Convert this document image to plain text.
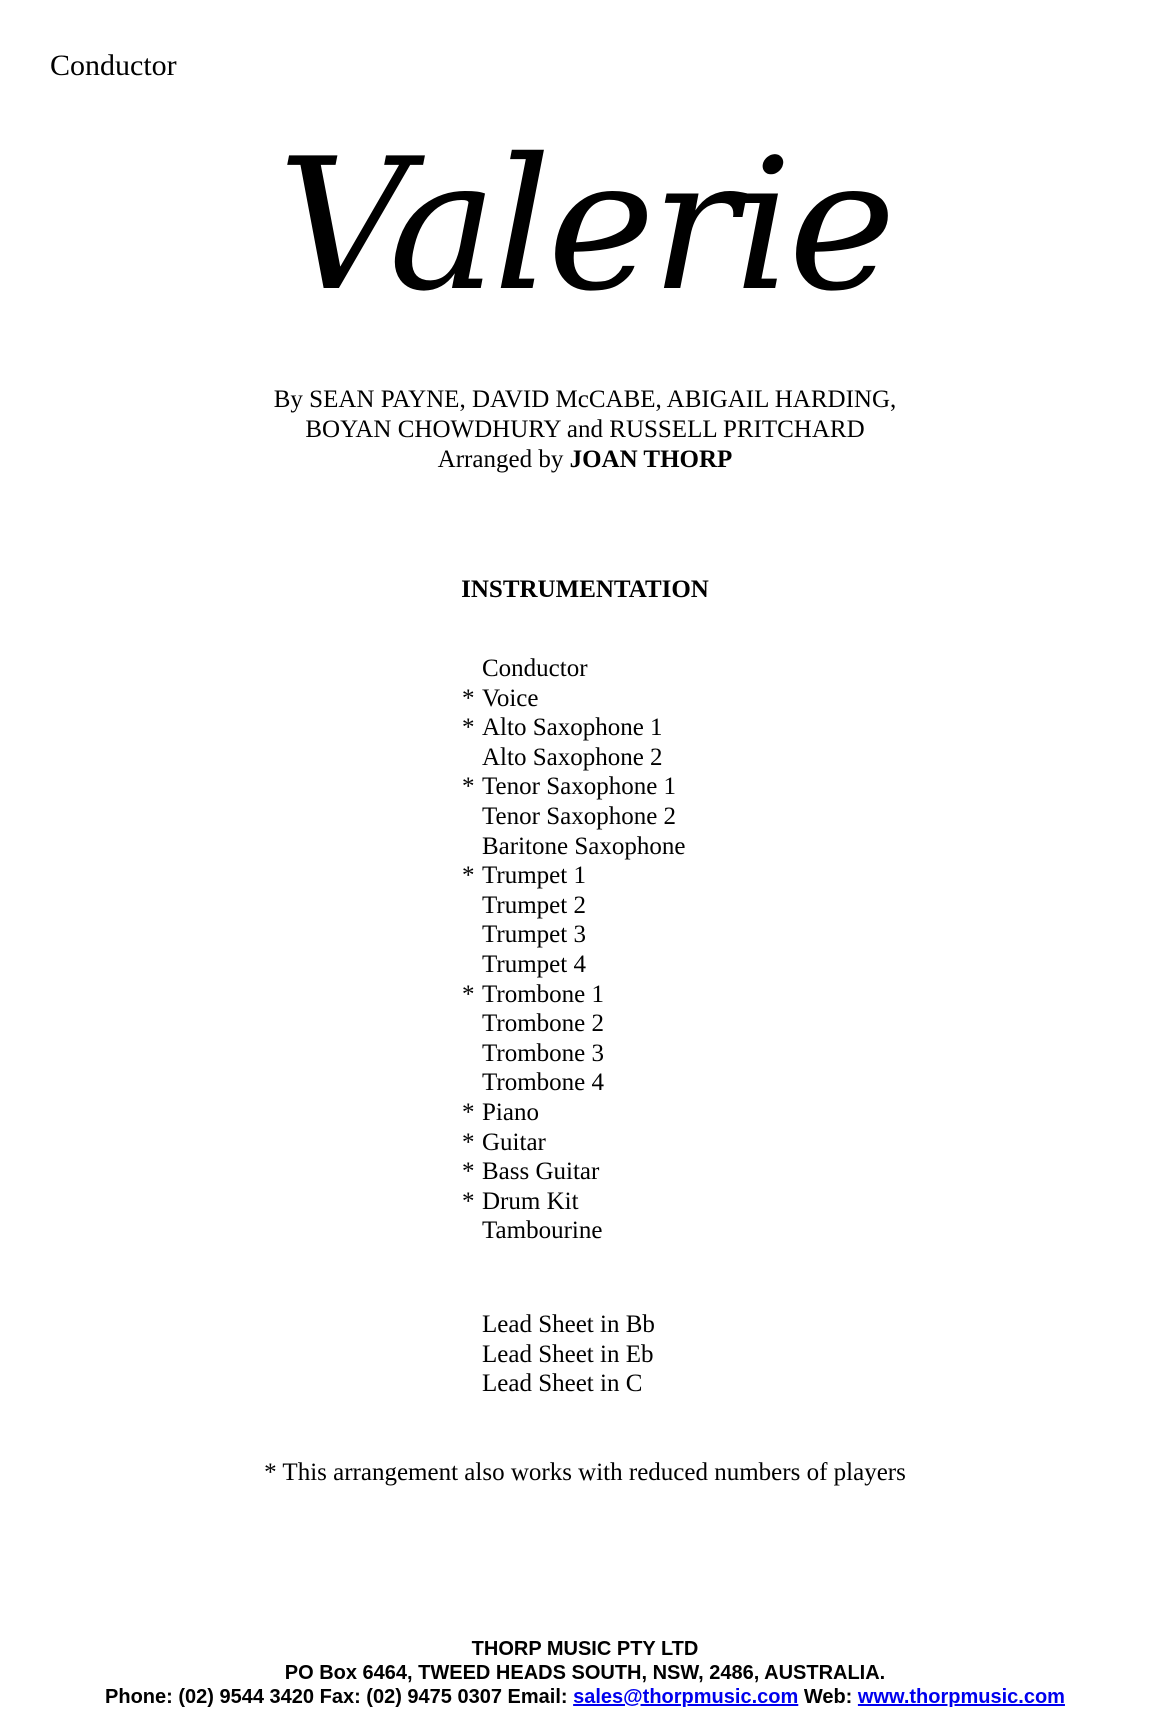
Conductor
Valerie
By SEAN PAYNE, DAVID McCABE, ABIGAIL HARDING,
BOYAN CHOWDHURY and RUSSELL PRITCHARD
Arranged by JOAN THORP
INSTRUMENTATION
Conductor
* Voice
* Alto Saxophone 1
Alto Saxophone 2
* Tenor Saxophone 1
Tenor Saxophone 2
Baritone Saxophone
* Trumpet 1
Trumpet 2
Trumpet 3
Trumpet 4
* Trombone 1
Trombone 2
Trombone 3
Trombone 4
* Piano
* Guitar
* Bass Guitar
* Drum Kit
Tambourine
Lead Sheet in Bb
Lead Sheet in Eb
Lead Sheet in C
* This arrangement also works with reduced numbers of players
THORP MUSIC PTY LTD
PO Box 6464, TWEED HEADS SOUTH, NSW, 2486, AUSTRALIA.
Phone: (02) 9544 3420 Fax: (02) 9475 0307 Email: sales@thorpmusic.com Web: www.thorpmusic.com
